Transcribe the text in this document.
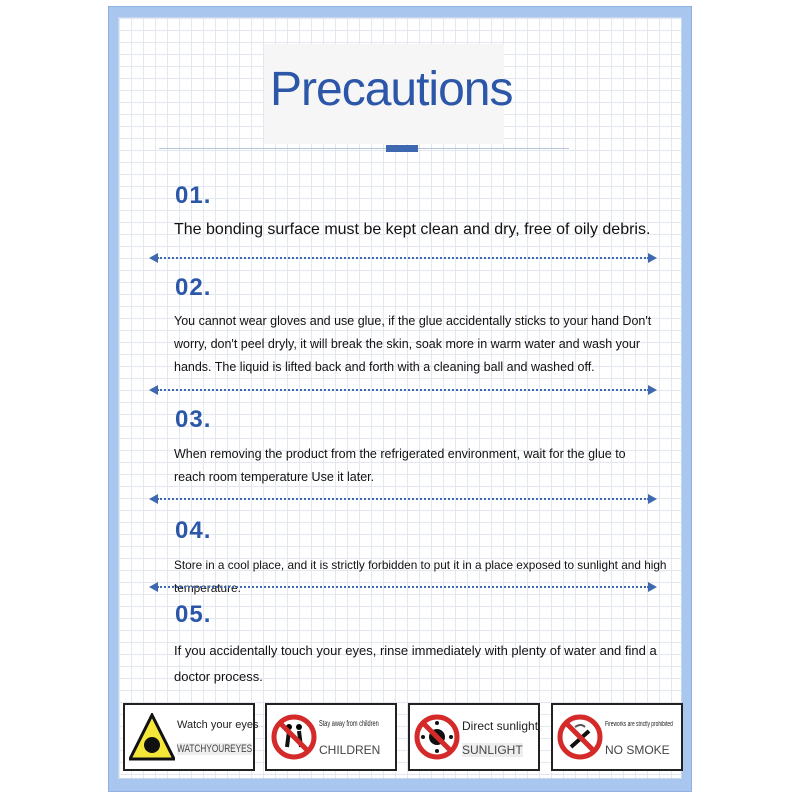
Precautions
01.
The bonding surface must be kept clean and dry, free of oily debris.
02.
You cannot wear gloves and use glue, if the glue accidentally sticks to your hand Don't worry, don't peel dryly, it will break the skin, soak more in warm water and wash your hands. The liquid is lifted back and forth with a cleaning ball and washed off.
03.
When removing the product from the refrigerated environment, wait for the glue to reach room temperature Use it later.
04.
Store in a cool place, and it is strictly forbidden to put it in a place exposed to sunlight and high temperature.
05.
If you accidentally touch your eyes, rinse immediately with plenty of water and find a doctor process.
Watch your eyes
WATCHYOUREYES
Stay away from children
CHILDREN
Direct sunlight
SUNLIGHT
Fireworks are strictly prohibited
NO SMOKE
